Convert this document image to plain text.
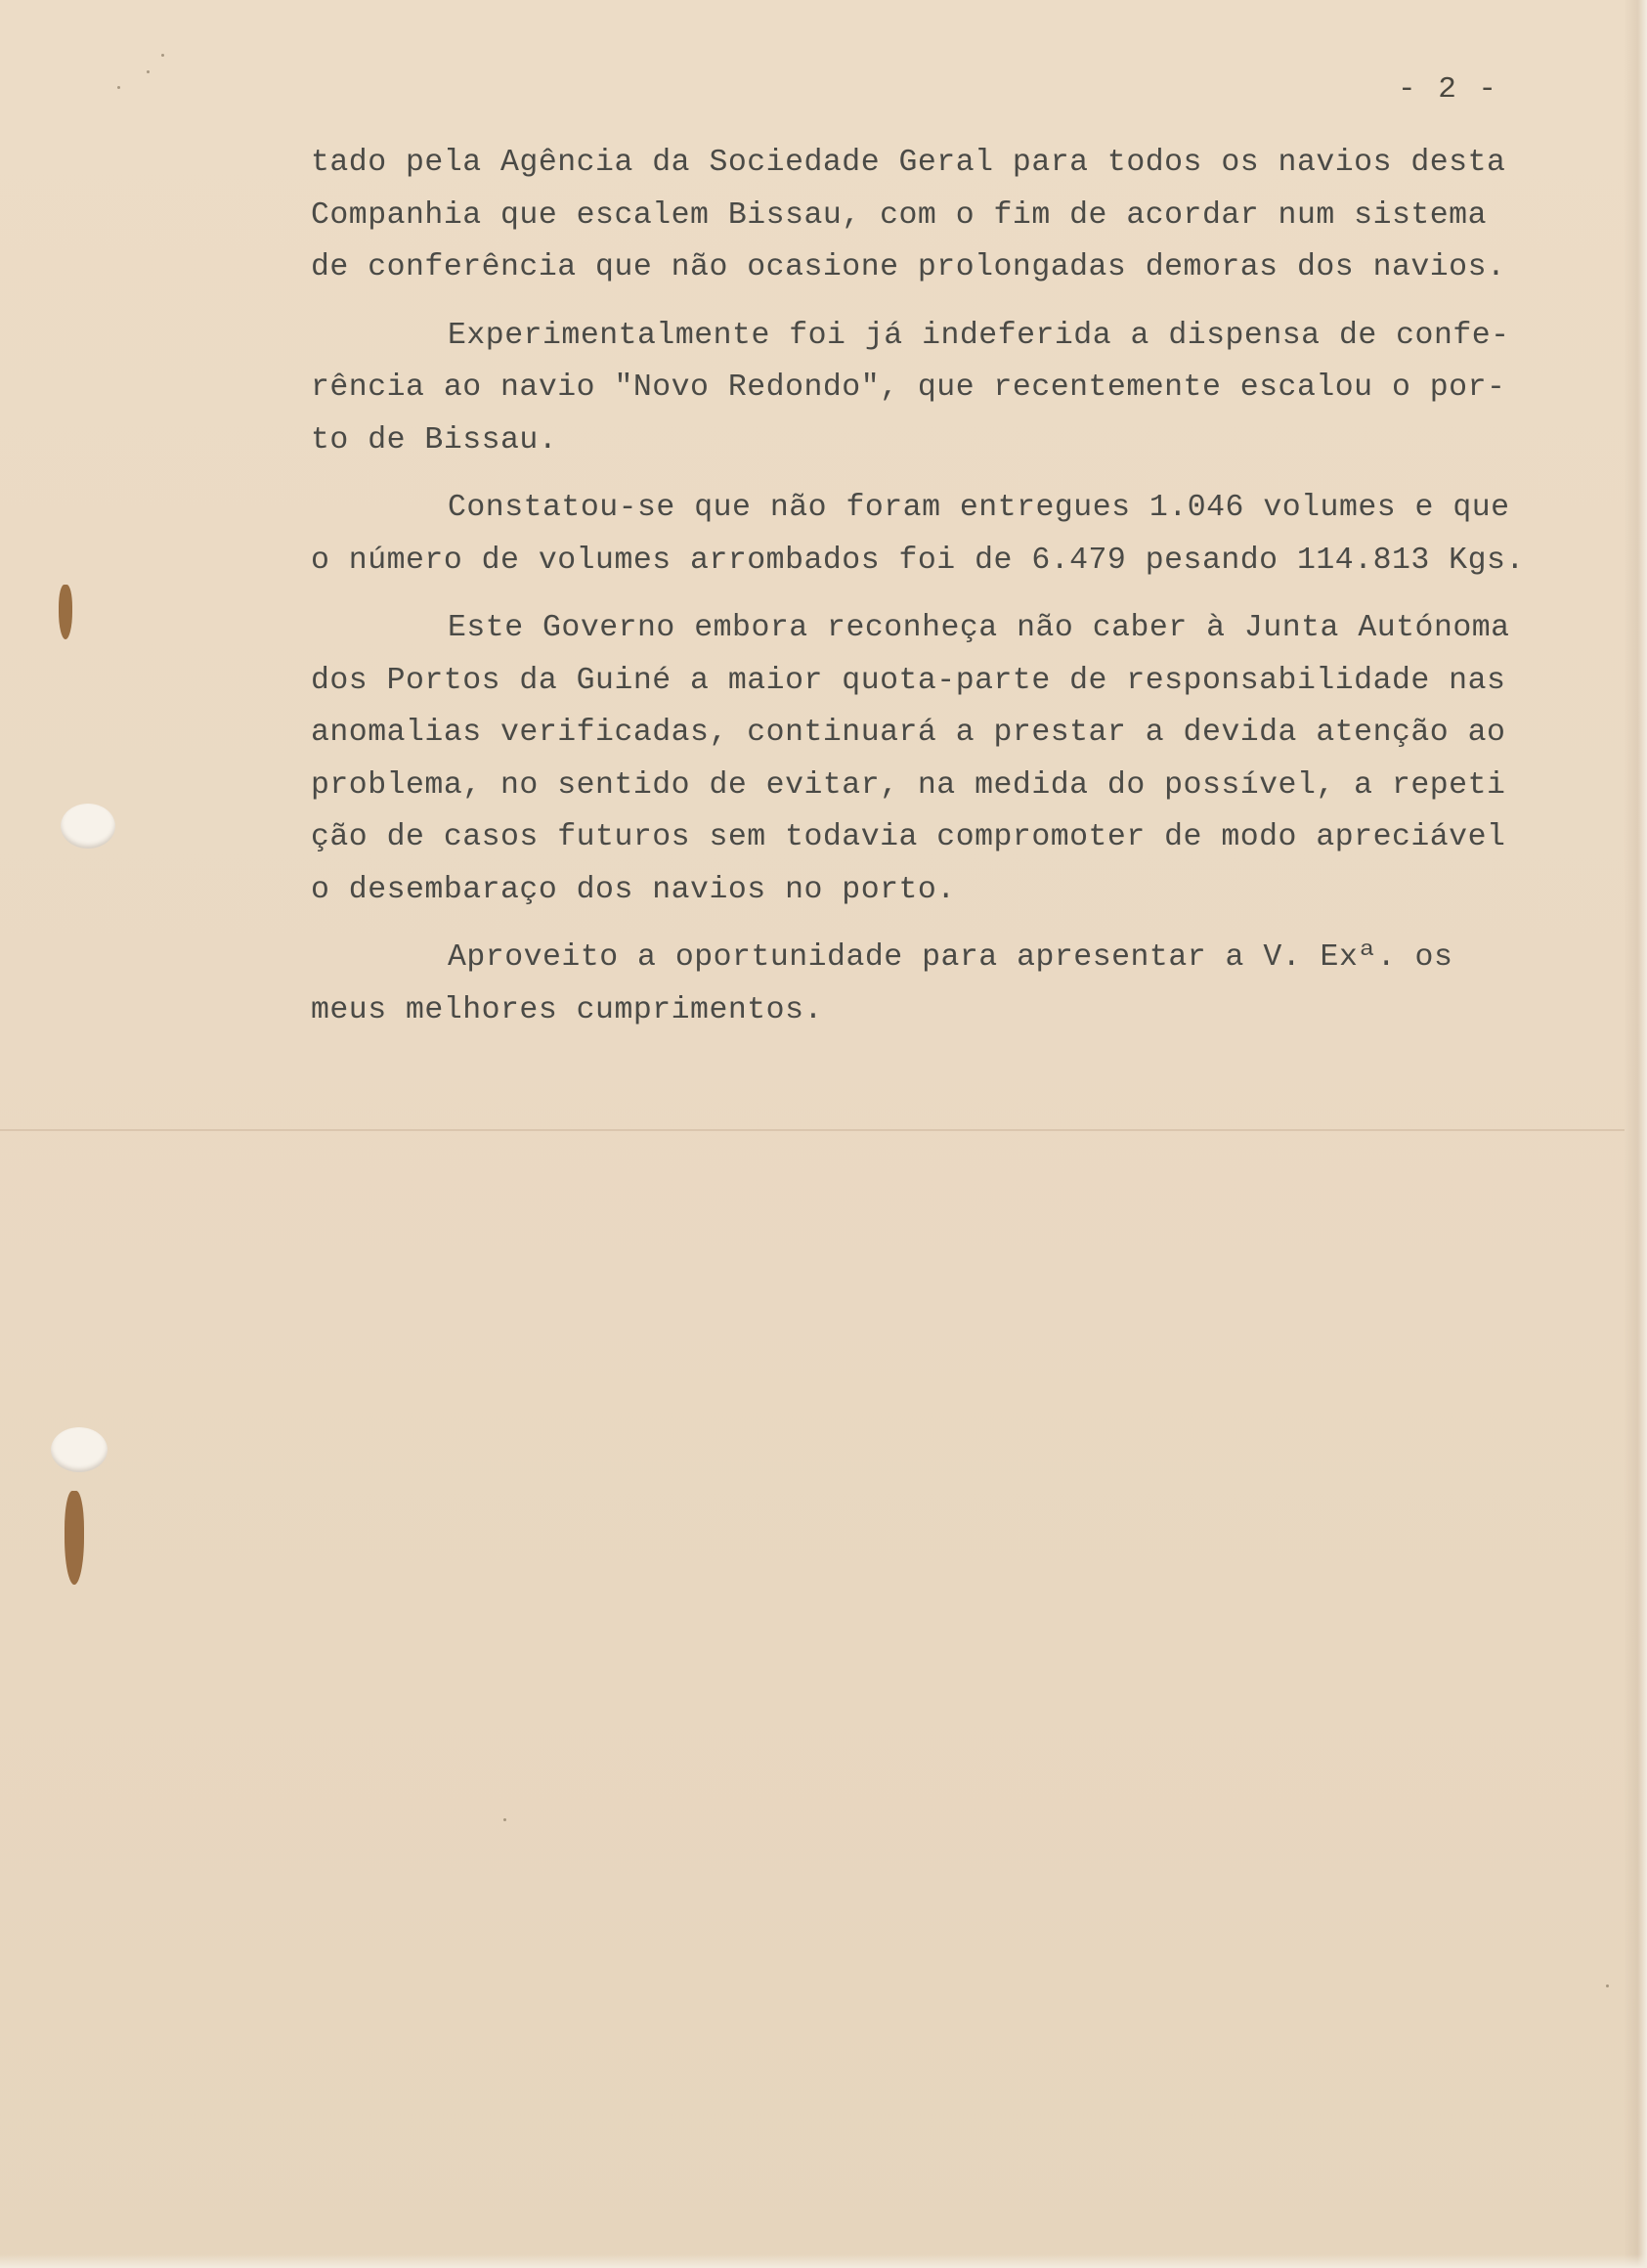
- 2 -
tado pela Agência da Sociedade Geral para todos os navios desta
Companhia que escalem Bissau, com o fim de acordar num sistema
de conferência que não ocasione prolongadas demoras dos navios.
Experimentalmente foi já indeferida a dispensa de confe-
rência ao navio "Novo Redondo", que recentemente escalou o por-
to de Bissau.
Constatou-se que não foram entregues 1.046 volumes e que
o número de volumes arrombados foi de 6.479 pesando 114.813 Kgs.
Este Governo embora reconheça não caber à Junta Autónoma
dos Portos da Guiné a maior quota-parte de responsabilidade nas
anomalias verificadas, continuará a prestar a devida atenção ao
problema, no sentido de evitar, na medida do possível, a repeti
ção de casos futuros sem todavia compromoter de modo apreciável
o desembaraço dos navios no porto.
Aproveito a oportunidade para apresentar a V. Exª. os
meus melhores cumprimentos.
